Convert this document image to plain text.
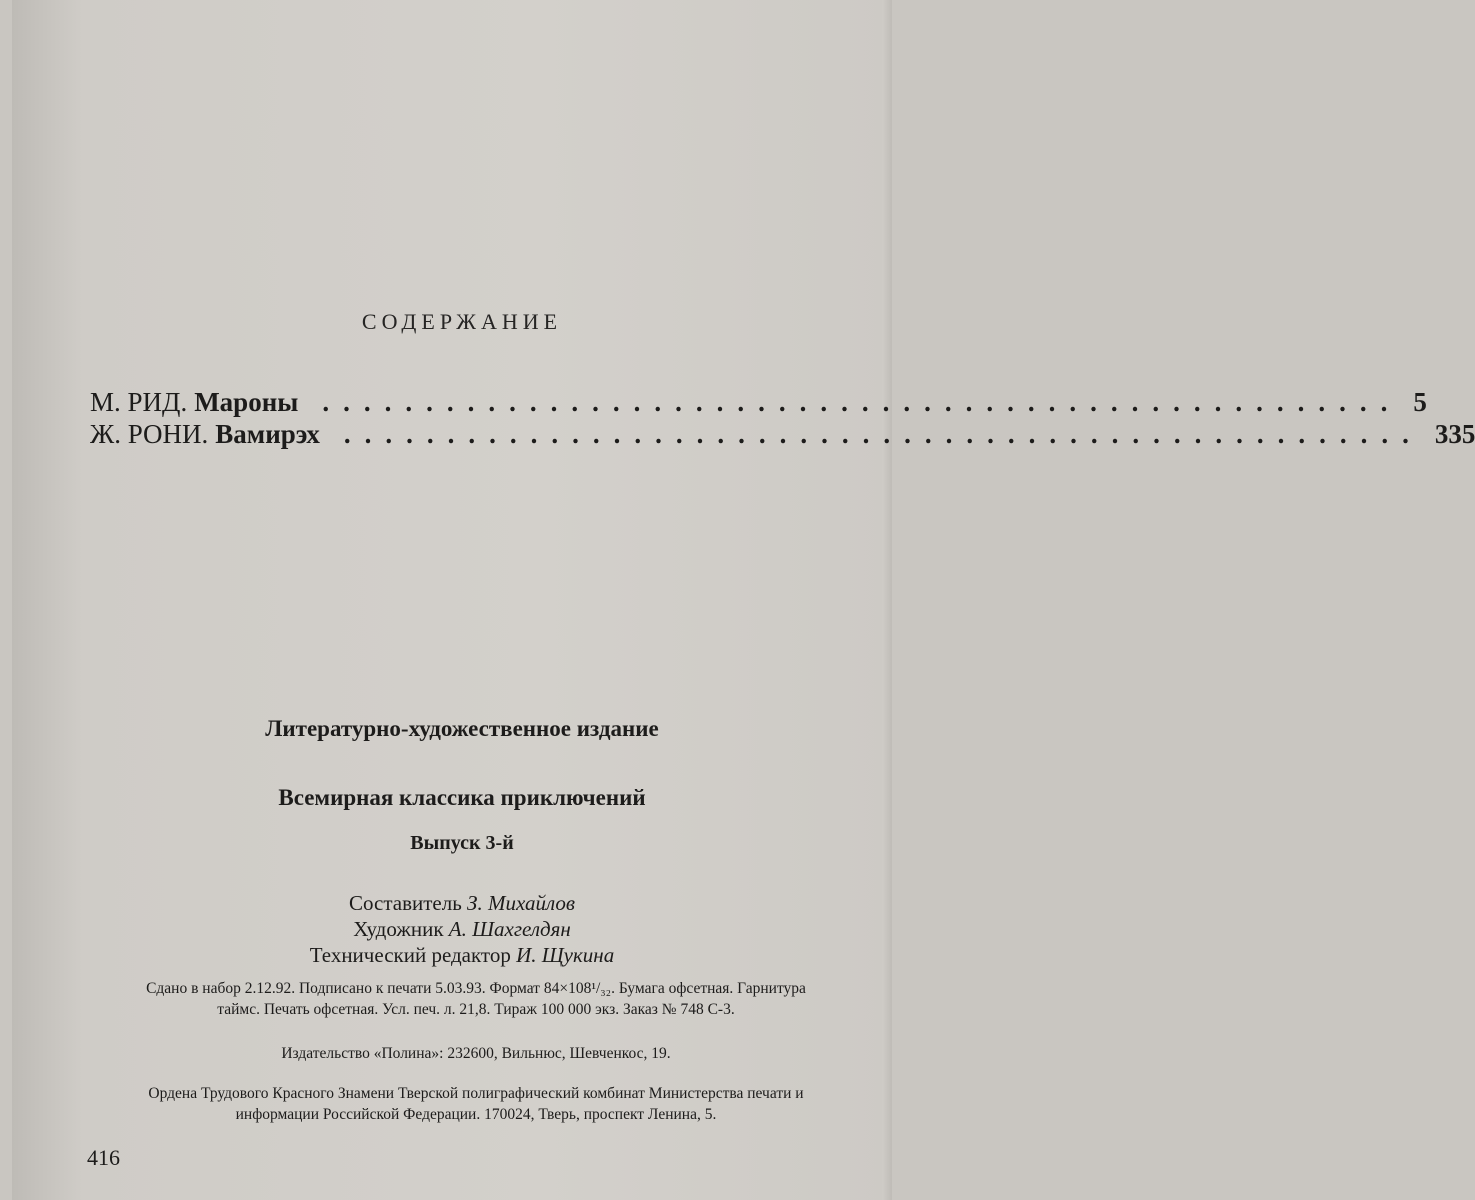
СОДЕРЖАНИЕ
М. РИД. Мароны .................................................... 5
Ж. РОНИ. Вамирэх .................................................... 335
Литературно-художественное издание
Всемирная классика приключений
Выпуск 3-й
Составитель З. Михайлов
Художник А. Шахгелдян
Технический редактор И. Щукина
Сдано в набор 2.12.92. Подписано к печати 5.03.93. Формат 84×108¹/₃₂. Бумага офсетная. Гарнитура
таймс. Печать офсетная. Усл. печ. л. 21,8. Тираж 100 000 экз. Заказ № 748 С-3.
Издательство «Полина»: 232600, Вильнюс, Шевченкос, 19.
Ордена Трудового Красного Знамени Тверской полиграфический комбинат Министерства печати и
информации Российской Федерации. 170024, Тверь, проспект Ленина, 5.
416
